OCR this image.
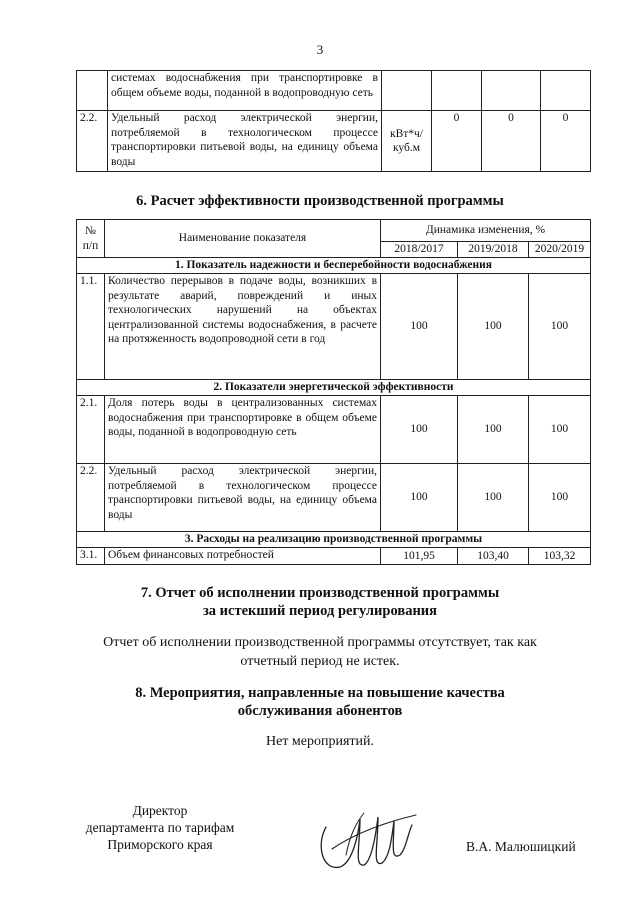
3
	системах водоснабжения при транспортировке в общем объеме воды, поданной в водопроводную сеть				
2.2.	Удельный расход электрической энергии, потребляемой в технологическом процессе транспортировки питьевой воды, на единицу объема воды	кВт*ч/куб.м	0	0	0
6. Расчет эффективности производственной программы
№ п/п	Наименование показателя	Динамика изменения, %		
		2018/2017	2019/2018	2020/2019
1. Показатель надежности и бесперебойности водоснабжения				
1.1.	Количество перерывов в подаче воды, возникших в результате аварий, повреждений и иных технологических нарушений на объектах централизованной системы водоснабжения, в расчете на протяженность водопроводной сети в год	100	100	100
2. Показатели энергетической эффективности				
2.1.	Доля потерь воды в централизованных системах водоснабжения при транспортировке в общем объеме воды, поданной в водопроводную сеть	100	100	100
2.2.	Удельный расход электрической энергии, потребляемой в технологическом процессе транспортировки питьевой воды, на единицу объема воды	100	100	100
3. Расходы на реализацию производственной программы				
3.1.	Объем финансовых потребностей	101,95	103,40	103,32
7. Отчет об исполнении производственной программы
за истекший период регулирования
Отчет об исполнении производственной программы отсутствует, так как
отчетный период не истек.
8. Мероприятия, направленные на повышение качества
обслуживания абонентов
Нет мероприятий.
Директор
департамента по тарифам
Приморского края	В.А. Малюшицкий
